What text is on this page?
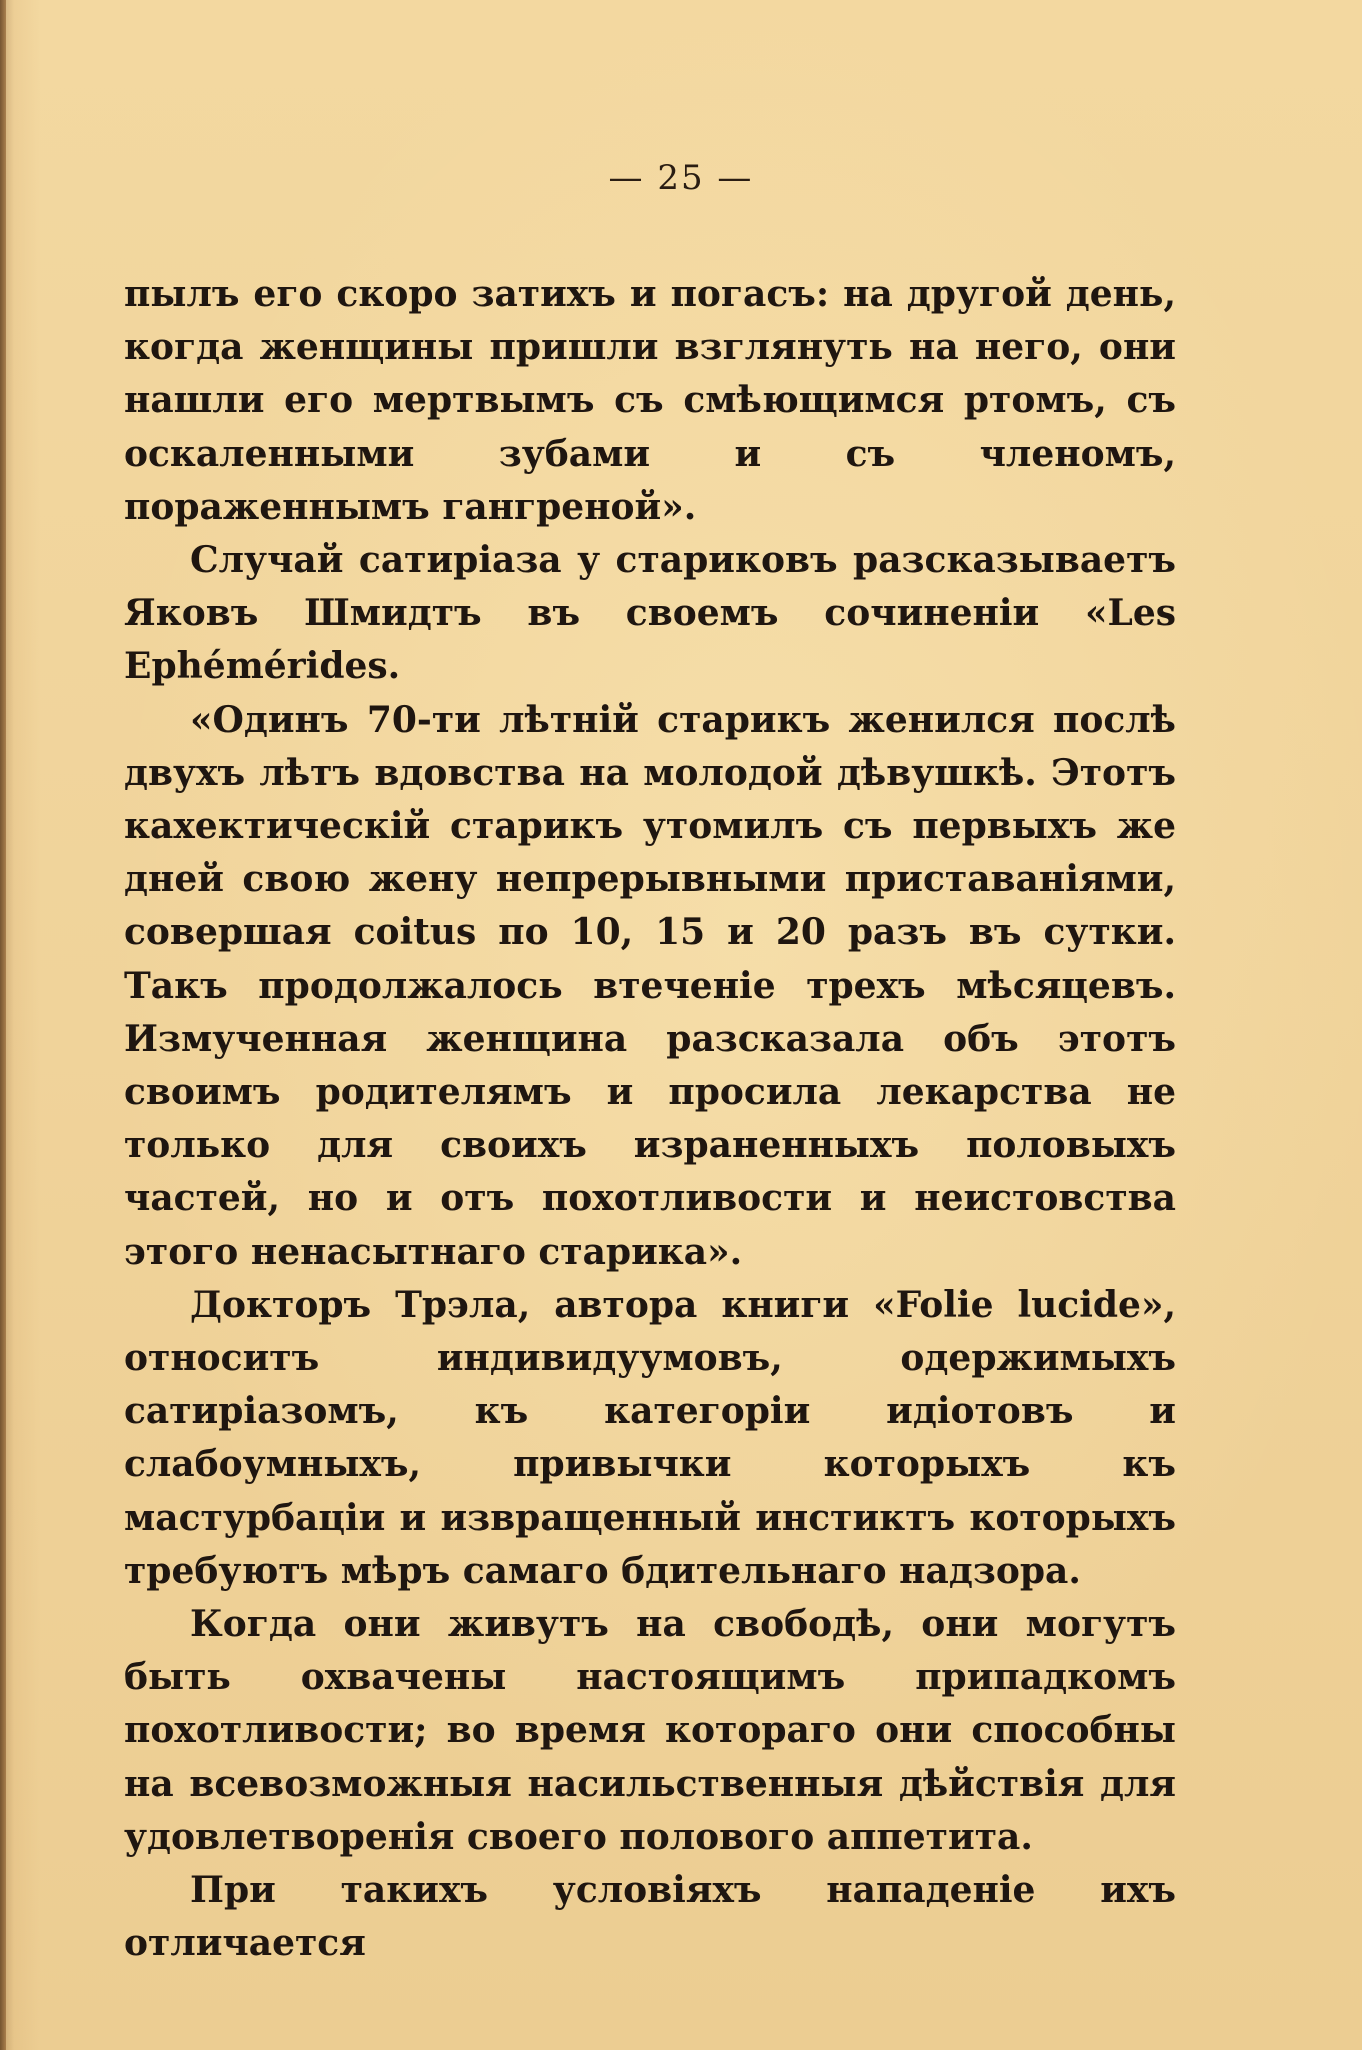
— 25 —

пылъ его скоро затихъ и погасъ: на другой день, когда женщины пришли взглянуть на него, они нашли его мертвымъ съ смѣющимся ртомъ, съ оскаленными зубами и съ членомъ, пораженнымъ гангреной».

Случай сатиріаза у стариковъ разсказываетъ Яковъ Шмидтъ въ своемъ сочиненіи «Les Ephémérides.

«Одинъ 70-ти лѣтній старикъ женился послѣ двухъ лѣтъ вдовства на молодой дѣвушкѣ. Этотъ кахектическій старикъ утомилъ съ первыхъ же дней свою жену непрерывными приставаніями, совершая coitus по 10, 15 и 20 разъ въ сутки. Такъ продолжалось втеченіе трехъ мѣсяцевъ. Измученная женщина разсказала объ этотъ своимъ родителямъ и просила лекарства не только для своихъ израненныхъ половыхъ частей, но и отъ похотливости и неистовства этого ненасытнаго старика».

Докторъ Трэла, автора книги «Folie lucide», относитъ индивидуумовъ, одержимыхъ сатиріазомъ, къ категоріи идіотовъ и слабоумныхъ, привычки которыхъ къ мастурбаціи и извращенный инстиктъ которыхъ требуютъ мѣръ самаго бдительнаго надзора.

Когда они живутъ на свободѣ, они могутъ быть охвачены настоящимъ припадкомъ похотливости; во время котораго они способны на всевозможныя насильственныя дѣйствія для удовлетворенія своего полового аппетита.

При такихъ условіяхъ нападеніе ихъ отличается
